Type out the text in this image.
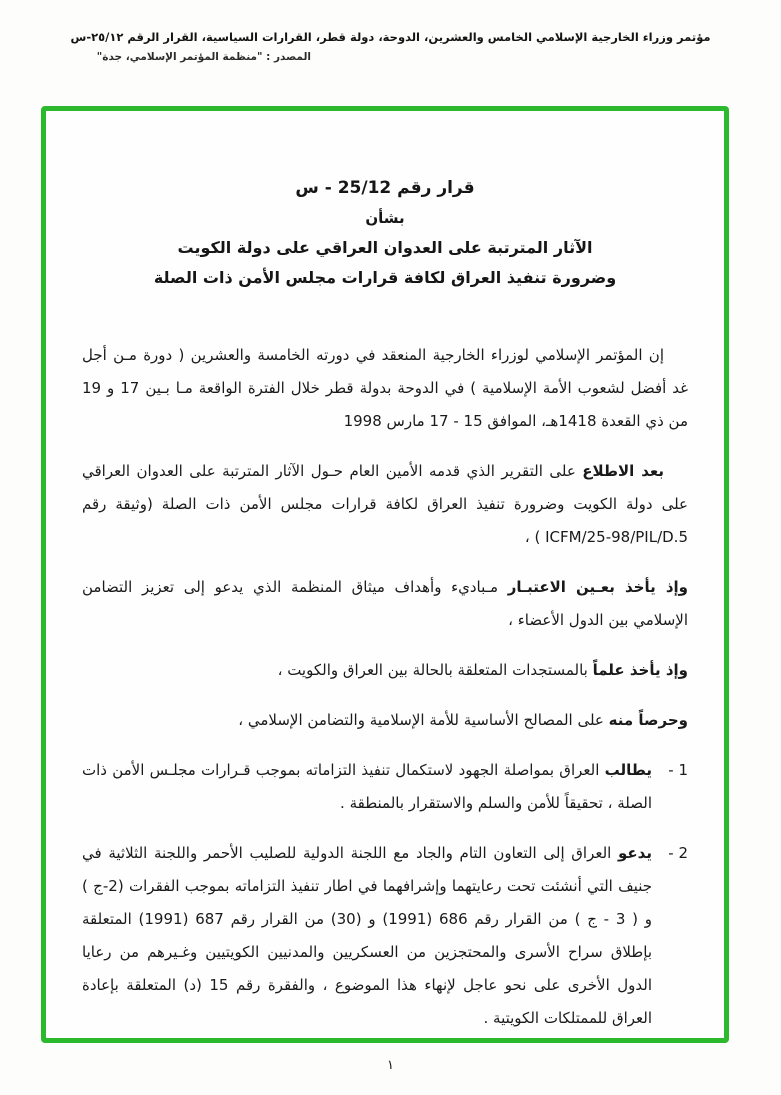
مؤتمر وزراء الخارجية الإسلامي الخامس والعشرين، الدوحة، دولة قطر، القرارات السياسية، القرار الرقم ٢٥/١٢-س
المصدر : "منظمة المؤتمر الإسلامي، جدة"
قرار رقم 25/12 - س
بشأن
الآثار المترتبة على العدوان العراقي على دولة الكويت
وضرورة تنفيذ العراق لكافة قرارات مجلس الأمن ذات الصلة

إن المؤتمر الإسلامي لوزراء الخارجية المنعقد في دورته الخامسة والعشرين ( دورة مـن أجل غد أفضل لشعوب الأمة الإسلامية ) في الدوحة بدولة قطر خلال الفترة الواقعة مـا بـين 17 و 19 من ذي القعدة 1418هـ، الموافق 15 - 17 مارس 1998

بعد الاطلاع على التقرير الذي قدمه الأمين العام حـول الآثار المترتبة على العدوان العراقي على دولة الكويت وضرورة تنفيذ العراق لكافة قرارات مجلس الأمن ذات الصلة (وثيقة رقم ICFM/25-98/PIL/D.5 ) ،

وإذ يأخذ بعـين الاعتبـار مـباديء وأهداف ميثاق المنظمة الذي يدعو إلى تعزيز التضامن الإسلامي بين الدول الأعضاء ،

وإذ يأخذ علماً بالمستجدات المتعلقة بالحالة بين العراق والكويت ،

وحرصاً منه على المصالح الأساسية للأمة الإسلامية والتضامن الإسلامي ،

1 -
يطالب العراق بمواصلة الجهود لاستكمال تنفيذ التزاماته بموجب قـرارات مجلـس الأمن ذات الصلة ، تحقيقاً للأمن والسلم والاستقرار بالمنطقة .
2 -
يدعو العراق إلى التعاون التام والجاد مع اللجنة الدولية للصليب الأحمر واللجنة الثلاثية في جنيف التي أنشئت تحت رعايتهما وإشرافهما في اطار تنفيذ التزاماته بموجب الفقرات (2-ج ) و ( 3 - ج ) من القرار رقم 686 (1991) و (30) من القرار رقم 687 (1991) المتعلقة بإطلاق سراح الأسرى والمحتجزين من العسكريين والمدنيين الكويتيين وغـيرهم من رعايا الدول الأخرى على نحو عاجل لإنهاء هذا الموضوع ، والفقرة رقم 15 (د) المتعلقة بإعادة العراق للممتلكات الكويتية .
١
